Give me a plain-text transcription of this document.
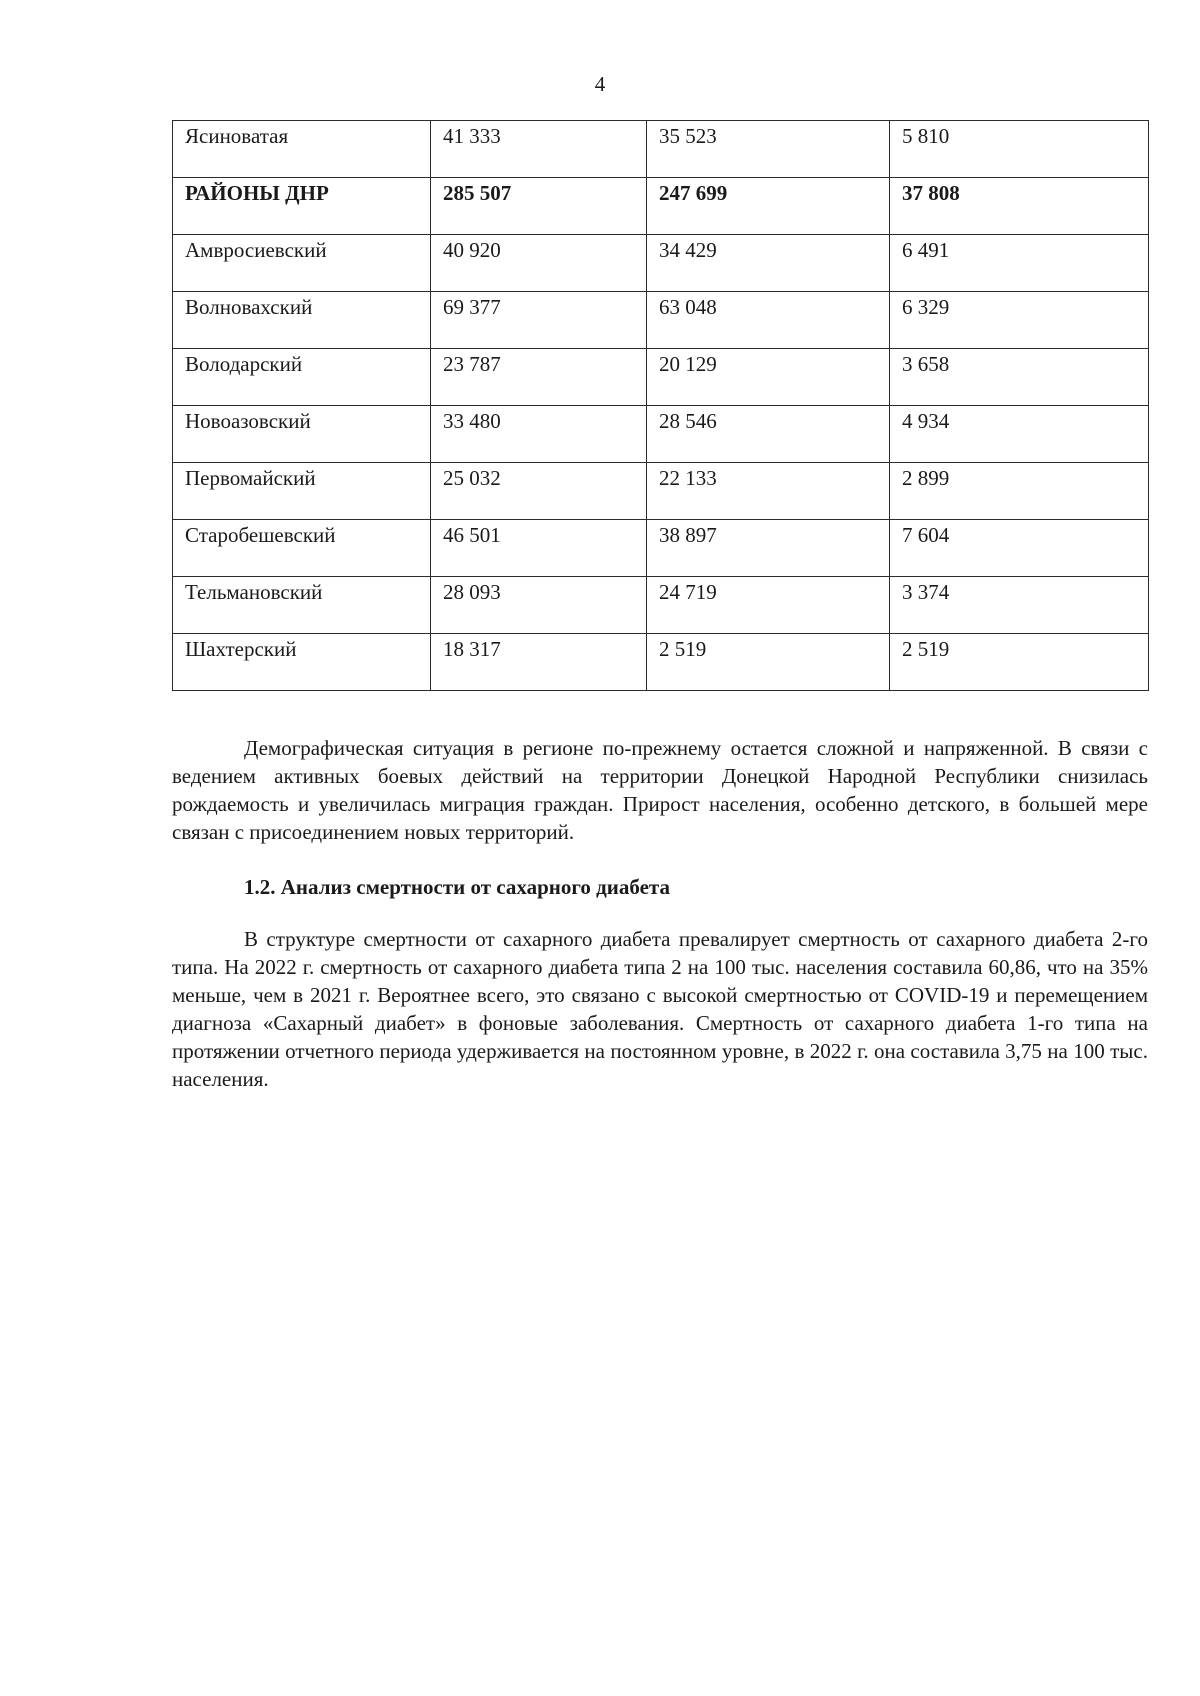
4
Ясиноватая	41 333	35 523	5 810
РАЙОНЫ ДНР	285 507	247 699	37 808
Амвросиевский	40 920	34 429	6 491
Волновахский	69 377	63 048	6 329
Володарский	23 787	20 129	3 658
Новоазовский	33 480	28 546	4 934
Первомайский	25 032	22 133	2 899
Старобешевский	46 501	38 897	7 604
Тельмановский	28 093	24 719	3 374
Шахтерский	18 317	2 519	2 519

Демографическая ситуация в регионе по-прежнему остается сложной и напряженной. В связи с ведением активных боевых действий на территории Донецкой Народной Республики снизилась рождаемость и увеличилась миграция граждан. Прирост населения, особенно детского, в большей мере связан с присоединением новых территорий.

1.2. Анализ смертности от сахарного диабета

В структуре смертности от сахарного диабета превалирует смертность от сахарного диабета 2-го типа. На 2022 г. смертность от сахарного диабета типа 2 на 100 тыс. населения составила 60,86, что на 35% меньше, чем в 2021 г. Вероятнее всего, это связано с высокой смертностью от COVID-19 и перемещением диагноза «Сахарный диабет» в фоновые заболевания. Смертность от сахарного диабета 1-го типа на протяжении отчетного периода удерживается на постоянном уровне, в 2022 г. она составила 3,75 на 100 тыс. населения.
